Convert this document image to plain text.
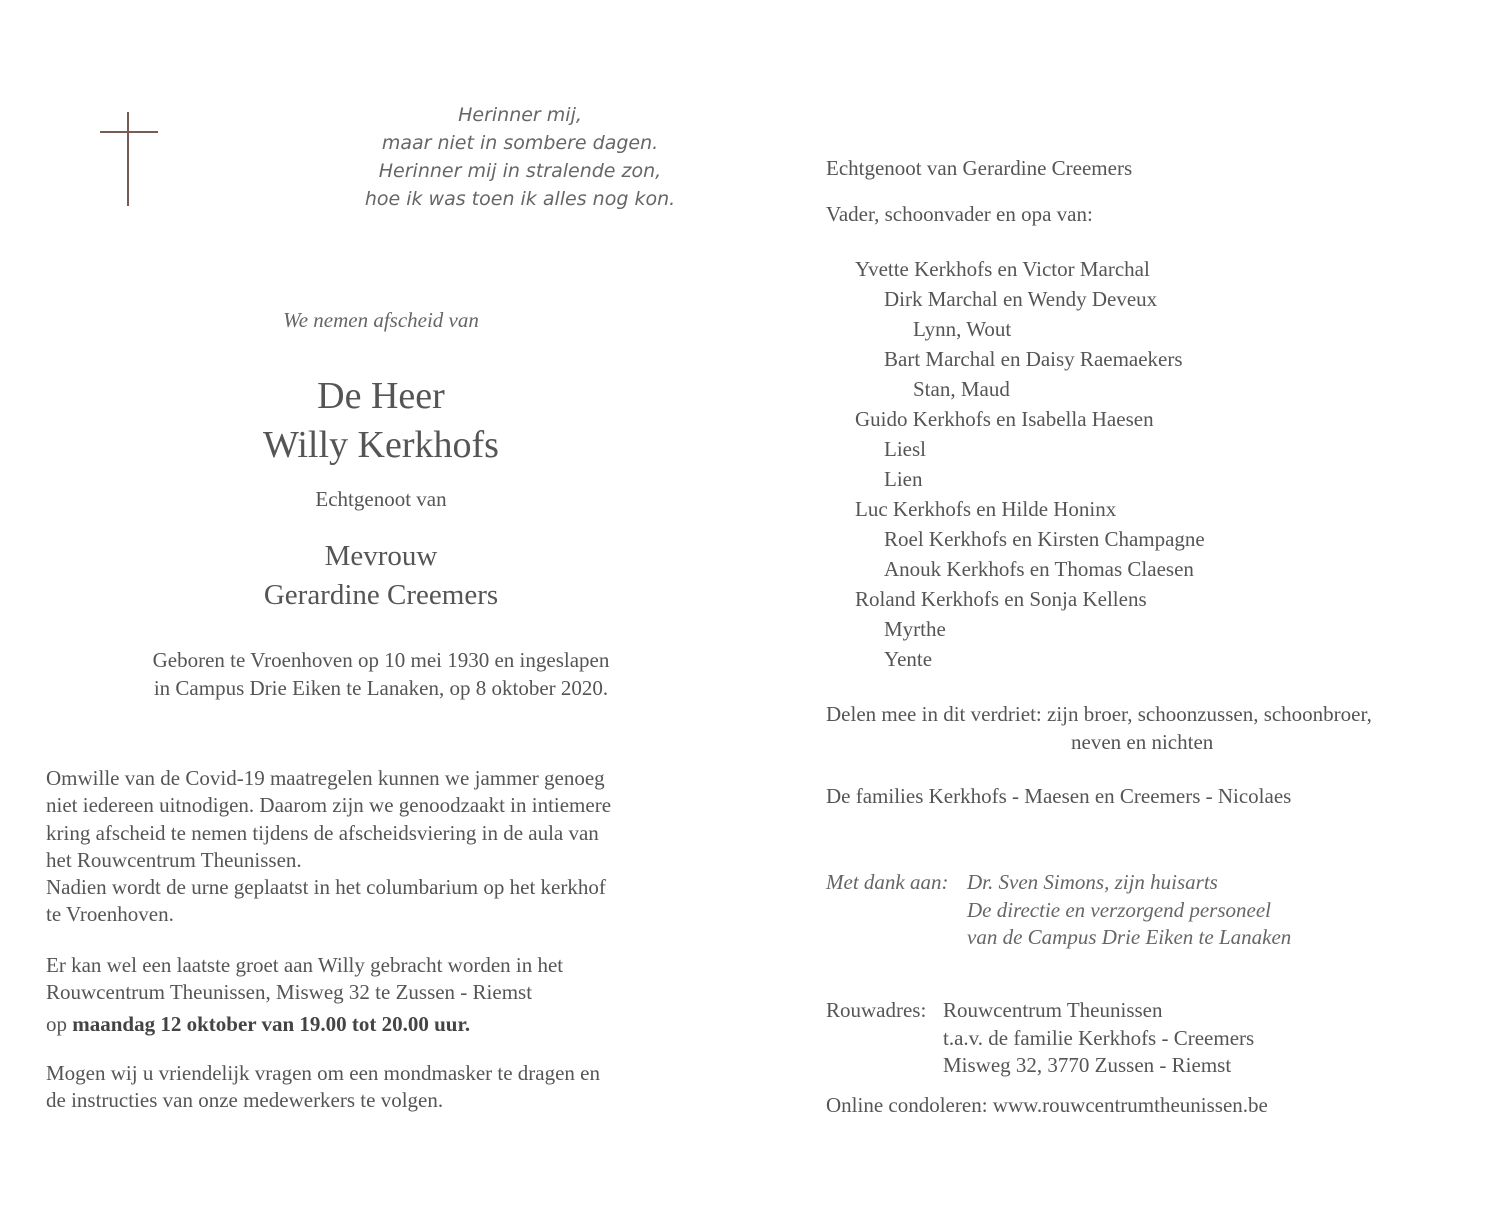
Herinner mij,
maar niet in sombere dagen.
Herinner mij in stralende zon,
hoe ik was toen ik alles nog kon.
We nemen afscheid van
De Heer
Willy Kerkhofs
Echtgenoot van
Mevrouw
Gerardine Creemers
Geboren te Vroenhoven op 10 mei 1930 en ingeslapen
in Campus Drie Eiken te Lanaken, op 8 oktober 2020.
Omwille van de Covid-19 maatregelen kunnen we jammer genoeg
niet iedereen uitnodigen. Daarom zijn we genoodzaakt in intiemere
kring afscheid te nemen tijdens de afscheidsviering in de aula van
het Rouwcentrum Theunissen.
Nadien wordt de urne geplaatst in het columbarium op het kerkhof
te Vroenhoven.
Er kan wel een laatste groet aan Willy gebracht worden in het
Rouwcentrum Theunissen, Misweg 32 te Zussen - Riemst
op maandag 12 oktober van 19.00 tot 20.00 uur.
Mogen wij u vriendelijk vragen om een mondmasker te dragen en
de instructies van onze medewerkers te volgen.
Echtgenoot van Gerardine Creemers
Vader, schoonvader en opa van:
Yvette Kerkhofs en Victor Marchal
Dirk Marchal en Wendy Deveux
Lynn, Wout
Bart Marchal en Daisy Raemaekers
Stan, Maud
Guido Kerkhofs en Isabella Haesen
Liesl
Lien
Luc Kerkhofs en Hilde Honinx
Roel Kerkhofs en Kirsten Champagne
Anouk Kerkhofs en Thomas Claesen
Roland Kerkhofs en Sonja Kellens
Myrthe
Yente
Delen mee in dit verdriet: zijn broer, schoonzussen, schoonbroer,
neven en nichten
De families Kerkhofs - Maesen en Creemers - Nicolaes
Met dank aan: Dr. Sven Simons, zijn huisarts
De directie en verzorgend personeel
van de Campus Drie Eiken te Lanaken
Rouwadres: Rouwcentrum Theunissen
t.a.v. de familie Kerkhofs - Creemers
Misweg 32, 3770 Zussen - Riemst
Online condoleren: www.rouwcentrumtheunissen.be
